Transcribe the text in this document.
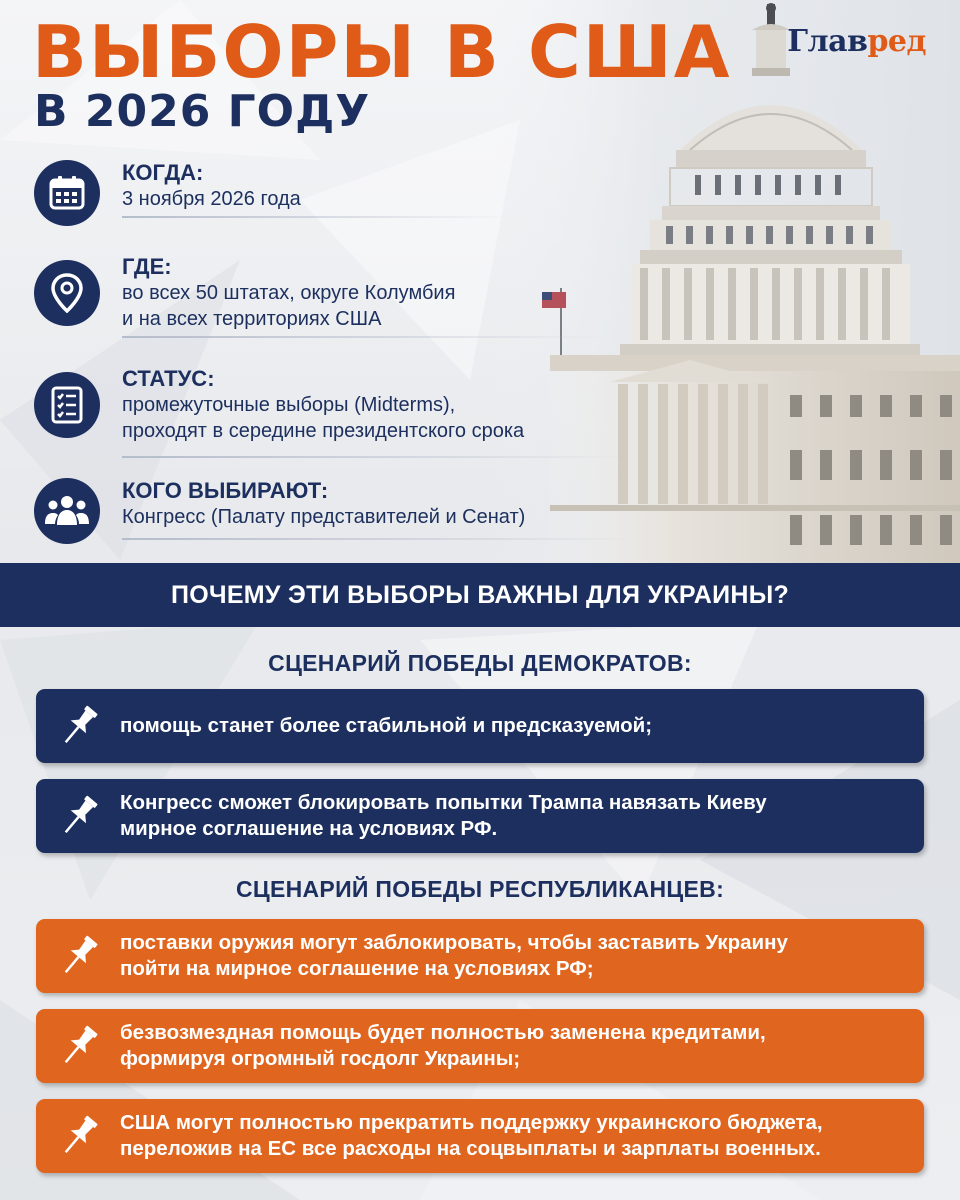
ВЫБОРЫ В США
В 2026 ГОДУ
Главред
КОГДА:
3 ноября 2026 года
ГДЕ:
во всех 50 штатах, округе Колумбия
и на всех территориях США
СТАТУС:
промежуточные выборы (Midterms),
проходят в середине президентского срока
КОГО ВЫБИРАЮТ:
Конгресс (Палату представителей и Сенат)
ПОЧЕМУ ЭТИ ВЫБОРЫ ВАЖНЫ ДЛЯ УКРАИНЫ?
СЦЕНАРИЙ ПОБЕДЫ ДЕМОКРАТОВ:
помощь станет более стабильной и предсказуемой;
Конгресс сможет блокировать попытки Трампа навязать Киеву
мирное соглашение на условиях РФ.
СЦЕНАРИЙ ПОБЕДЫ РЕСПУБЛИКАНЦЕВ:
поставки оружия могут заблокировать, чтобы заставить Украину
пойти на мирное соглашение на условиях РФ;
безвозмездная помощь будет полностью заменена кредитами,
формируя огромный госдолг Украины;
США могут полностью прекратить поддержку украинского бюджета,
переложив на ЕС все расходы на соцвыплаты и зарплаты военных.
